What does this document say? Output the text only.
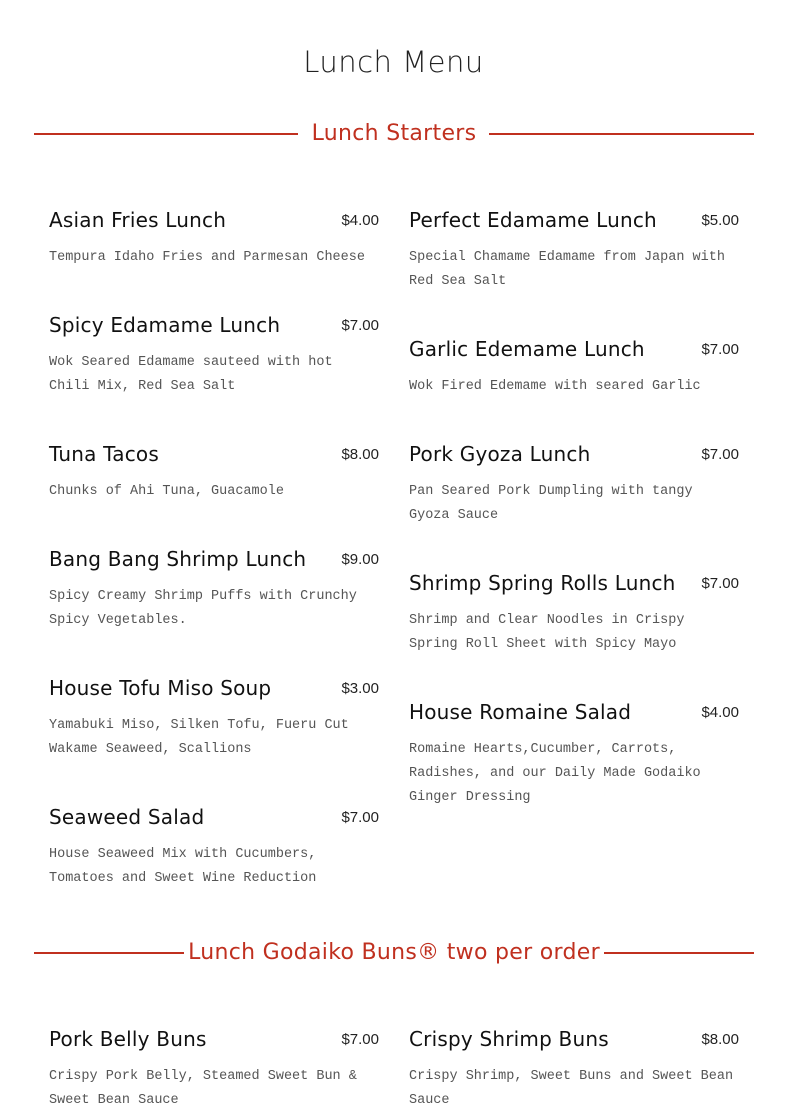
Lunch Menu
Lunch Starters
Asian Fries Lunch	$4.00
Tempura Idaho Fries and Parmesan Cheese
Spicy Edamame Lunch	$7.00
Wok Seared Edamame sauteed with hot Chili Mix, Red Sea Salt
Tuna Tacos	$8.00
Chunks of Ahi Tuna, Guacamole
Bang Bang Shrimp Lunch $9.00
Spicy Creamy Shrimp Puffs with Crunchy Spicy Vegetables.
House Tofu Miso Soup	$3.00
Yamabuki Miso, Silken Tofu, Fueru Cut Wakame Seaweed, Scallions
Seaweed Salad	$7.00
House Seaweed Mix with Cucumbers, Tomatoes and Sweet Wine Reduction
Perfect Edamame Lunch	$5.00
Special Chamame Edamame from Japan with Red Sea Salt
Garlic Edemame Lunch	$7.00
Wok Fired Edemame with seared Garlic
Pork Gyoza Lunch	$7.00
Pan Seared Pork Dumpling with tangy Gyoza Sauce
Shrimp Spring Rolls Lunch $7.00
Shrimp and Clear Noodles in Crispy Spring Roll Sheet with Spicy Mayo
House Romaine Salad	$4.00
Romaine Hearts,Cucumber, Carrots, Radishes, and our Daily Made Godaiko Ginger Dressing
Lunch Godaiko Buns® two per order
Pork Belly Buns	$7.00
Crispy Pork Belly, Steamed Sweet Bun & Sweet Bean Sauce
Crispy Shrimp Buns	$8.00
Crispy Shrimp, Sweet Buns and Sweet Bean Sauce
